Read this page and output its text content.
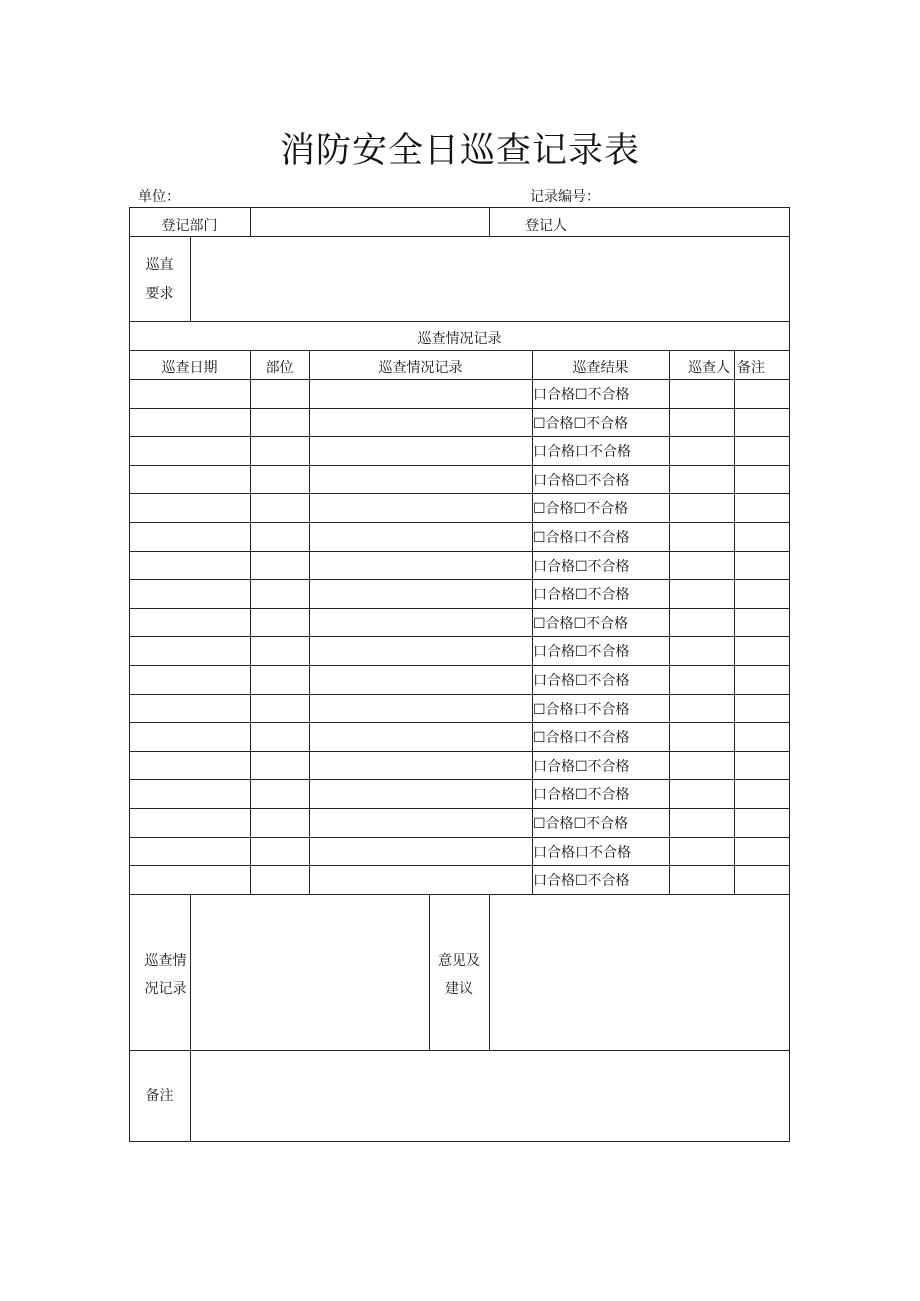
消防安全日巡查记录表
单位：	记录编号：
登记部门	登记人
巡直
要求
巡查情况记录
巡查日期	部位	巡查情况记录	巡查结果	巡查人 备注
口合格☐不合格
☐合格☐不合格
口合格口不合格
口合格☐不合格
☐合格☐不合格
☐合格口不合格
口合格☐不合格
口合格☐不合格
☐合格☐不合格
口合格☐不合格
口合格☐不合格
☐合格口不合格
☐合格口不合格
口合格☐不合格
口合格☐不合格
☐合格☐不合格
口合格口不合格
口合格☐不合格
巡查情
况记录
意见及
建议
备注
